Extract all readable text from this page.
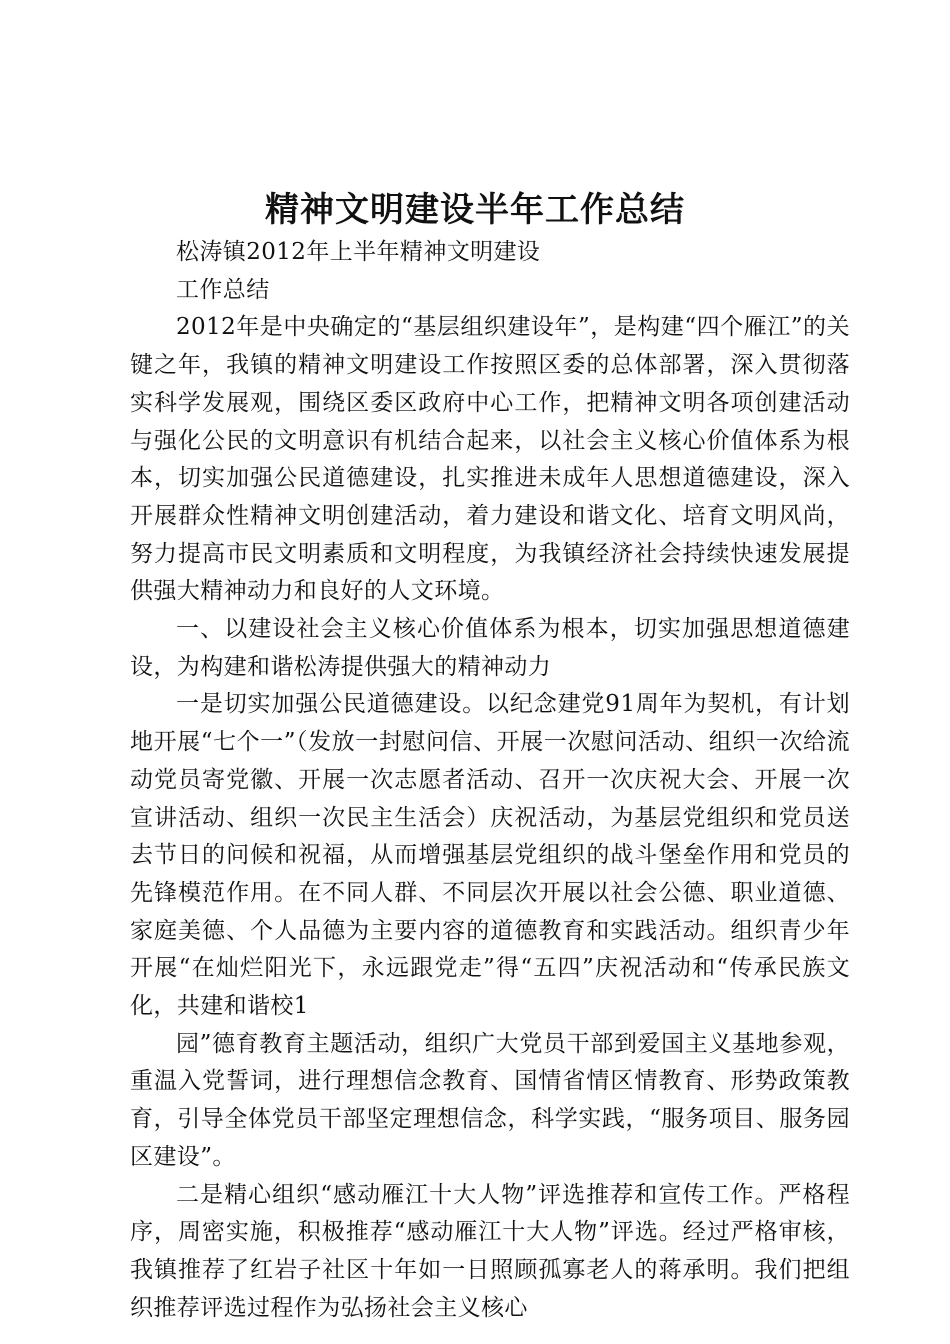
精神文明建设半年工作总结

松涛镇2012年上半年精神文明建设

工作总结

2012年是中央确定的“基层组织建设年”，是构建“四个雁江”的关键之年，我镇的精神文明建设工作按照区委的总体部署，深入贯彻落实科学发展观，围绕区委区政府中心工作，把精神文明各项创建活动与强化公民的文明意识有机结合起来，以社会主义核心价值体系为根本，切实加强公民道德建设，扎实推进未成年人思想道德建设，深入开展群众性精神文明创建活动，着力建设和谐文化、培育文明风尚，努力提高市民文明素质和文明程度，为我镇经济社会持续快速发展提供强大精神动力和良好的人文环境。

一、以建设社会主义核心价值体系为根本，切实加强思想道德建设，为构建和谐松涛提供强大的精神动力

一是切实加强公民道德建设。以纪念建党91周年为契机，有计划地开展“七个一”（发放一封慰问信、开展一次慰问活动、组织一次给流动党员寄党徽、开展一次志愿者活动、召开一次庆祝大会、开展一次宣讲活动、组织一次民主生活会）庆祝活动，为基层党组织和党员送去节日的问候和祝福，从而增强基层党组织的战斗堡垒作用和党员的先锋模范作用。在不同人群、不同层次开展以社会公德、职业道德、家庭美德、个人品德为主要内容的道德教育和实践活动。组织青少年开展“在灿烂阳光下，永远跟党走”得“五四”庆祝活动和“传承民族文化，共建和谐校1

园”德育教育主题活动，组织广大党员干部到爱国主义基地参观，重温入党誓词，进行理想信念教育、国情省情区情教育、形势政策教育，引导全体党员干部坚定理想信念，科学实践，“服务项目、服务园区建设”。

二是精心组织“感动雁江十大人物”评选推荐和宣传工作。严格程序，周密实施，积极推荐“感动雁江十大人物”评选。经过严格审核，我镇推荐了红岩子社区十年如一日照顾孤寡老人的蒋承明。我们把组织推荐评选过程作为弘扬社会主义核心
